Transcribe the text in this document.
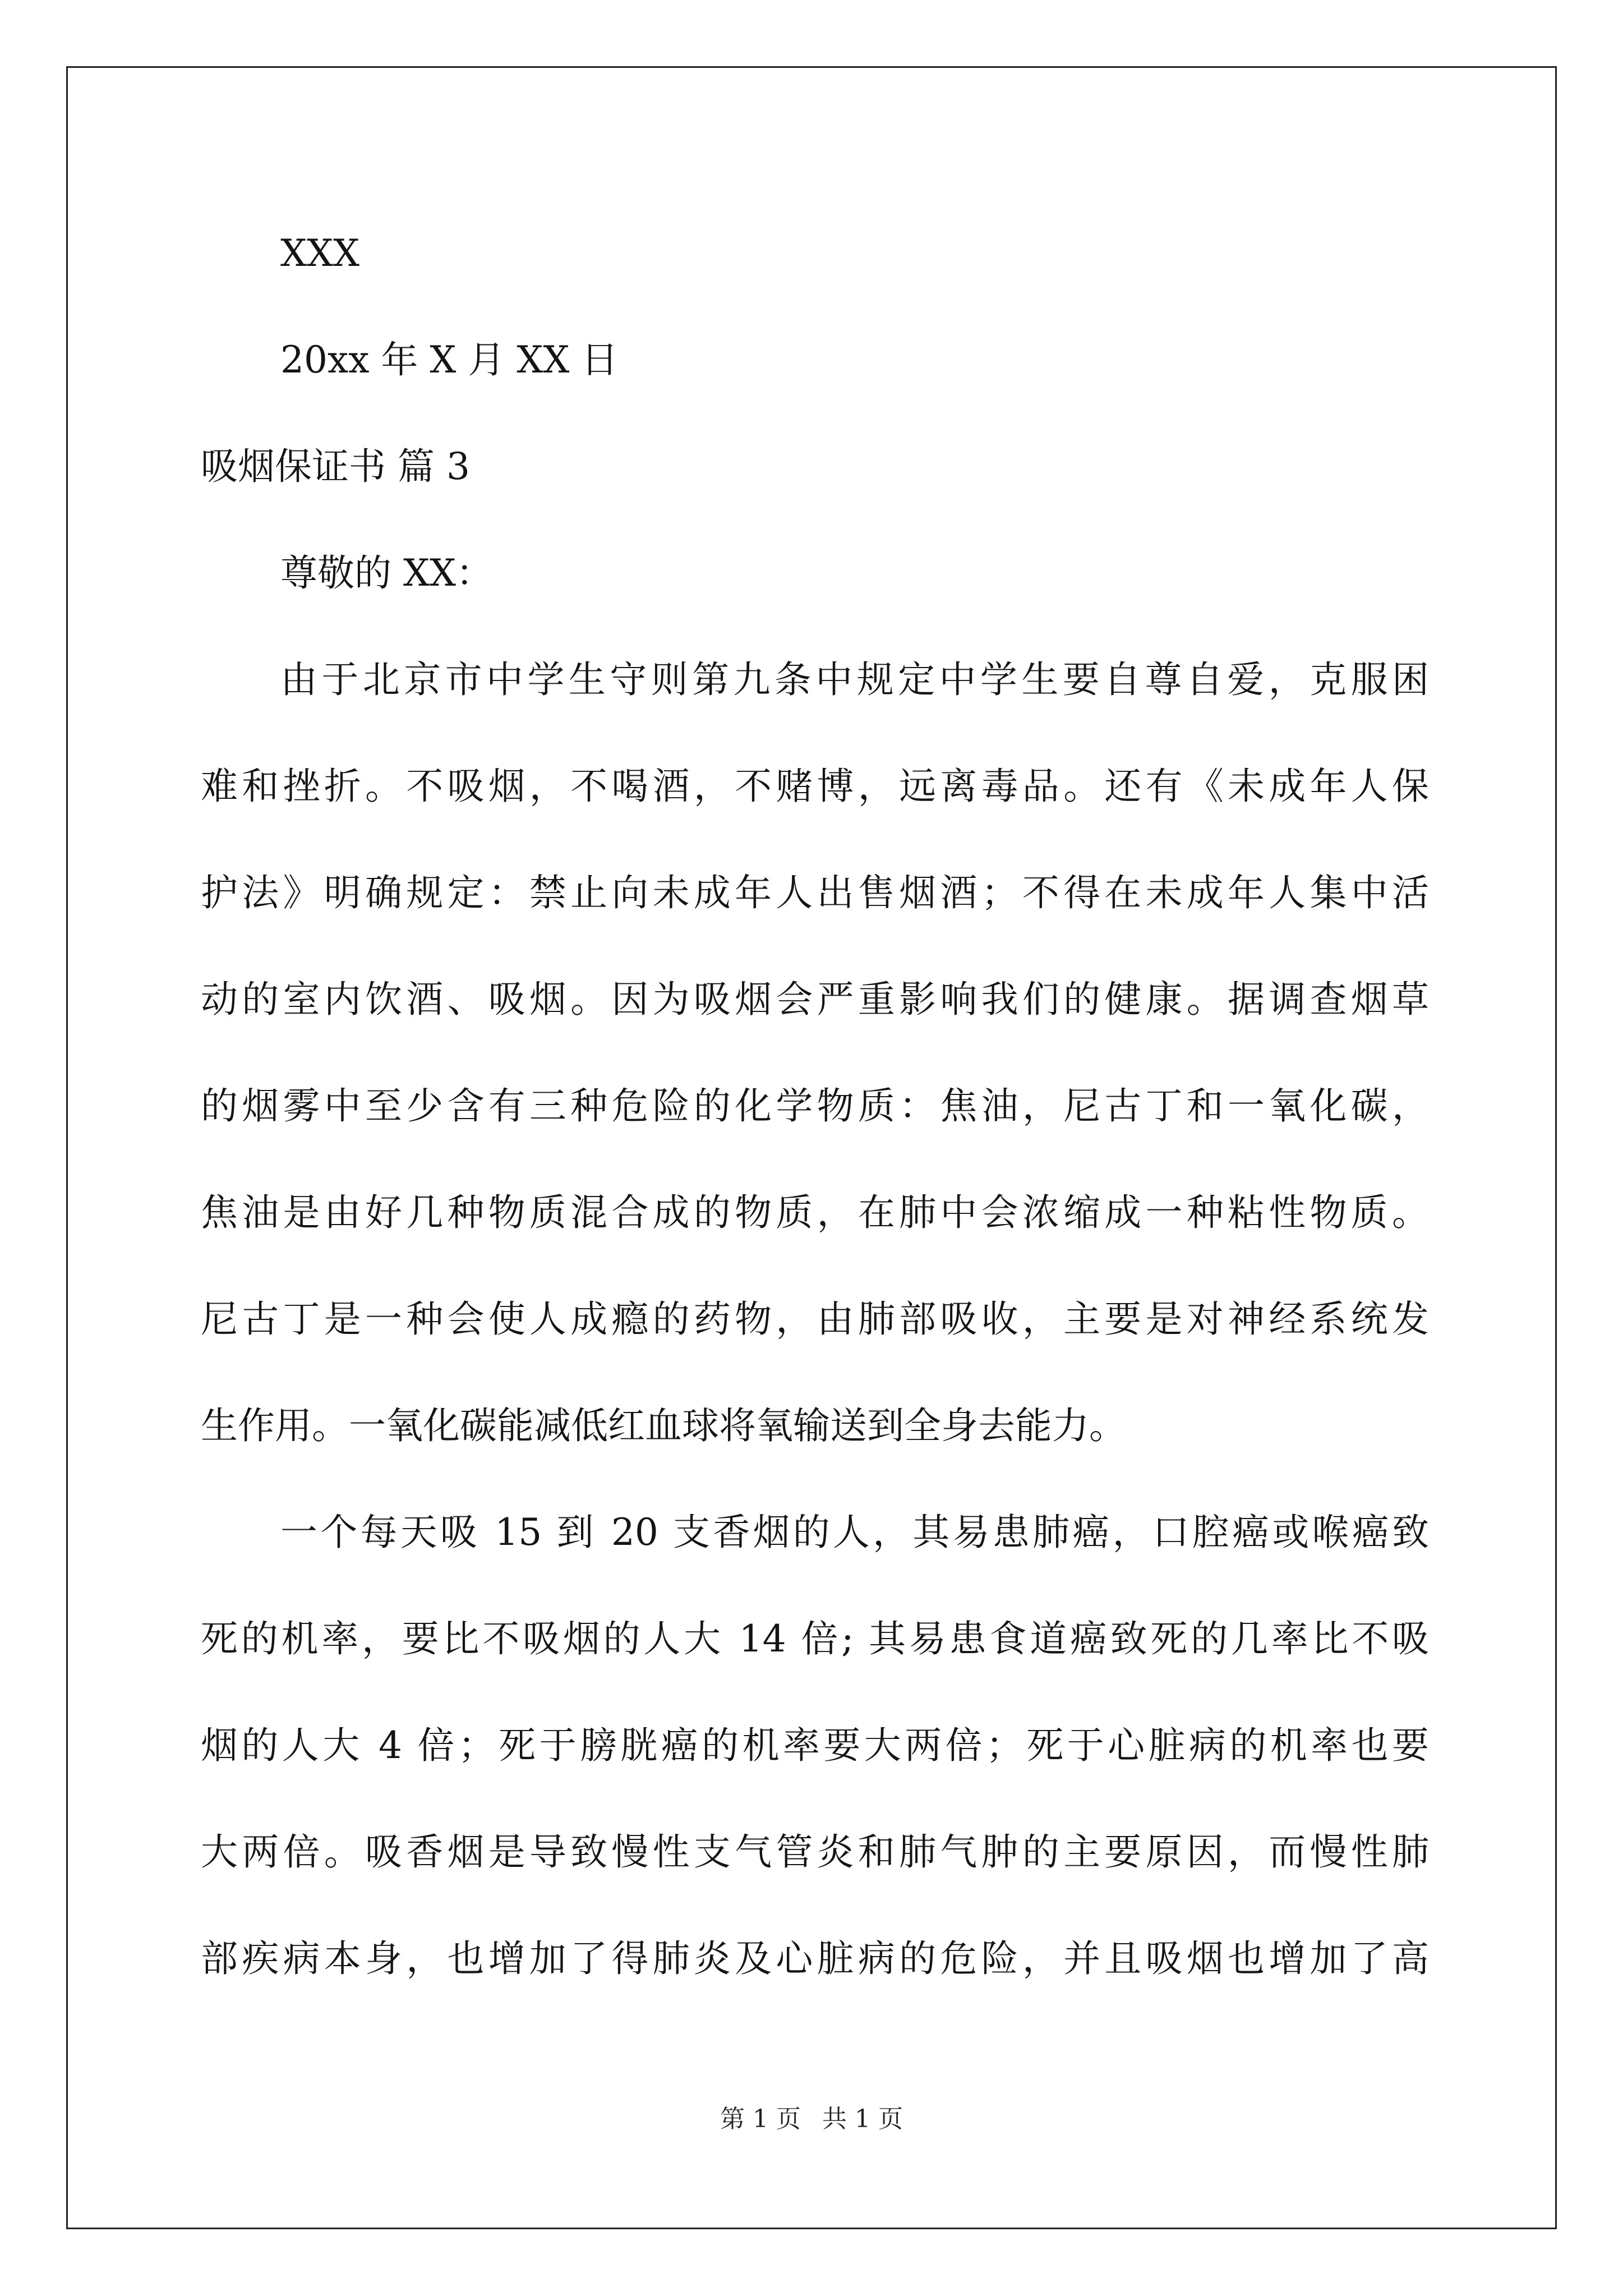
XXX
20xx 年 X 月 XX 日
吸烟保证书 篇 3
尊敬的 XX：
由于北京市中学生守则第九条中规定中学生要自尊自爱，克服困
难和挫折。不吸烟，不喝酒，不赌博，远离毒品。还有《未成年人保
护法》明确规定：禁止向未成年人出售烟酒；不得在未成年人集中活
动的室内饮酒、吸烟。因为吸烟会严重影响我们的健康。据调查烟草
的烟雾中至少含有三种危险的化学物质：焦油，尼古丁和一氧化碳，
焦油是由好几种物质混合成的物质，在肺中会浓缩成一种粘性物质。
尼古丁是一种会使人成瘾的药物，由肺部吸收，主要是对神经系统发
生作用。一氧化碳能减低红血球将氧输送到全身去能力。
一个每天吸 15 到 20 支香烟的人，其易患肺癌，口腔癌或喉癌致
死的机率，要比不吸烟的人大 14 倍; 其易患食道癌致死的几率比不吸
烟的人大 4 倍；死于膀胱癌的机率要大两倍；死于心脏病的机率也要
大两倍。吸香烟是导致慢性支气管炎和肺气肿的主要原因，而慢性肺
部疾病本身，也增加了得肺炎及心脏病的危险，并且吸烟也增加了高
第 1 页 共 1 页
